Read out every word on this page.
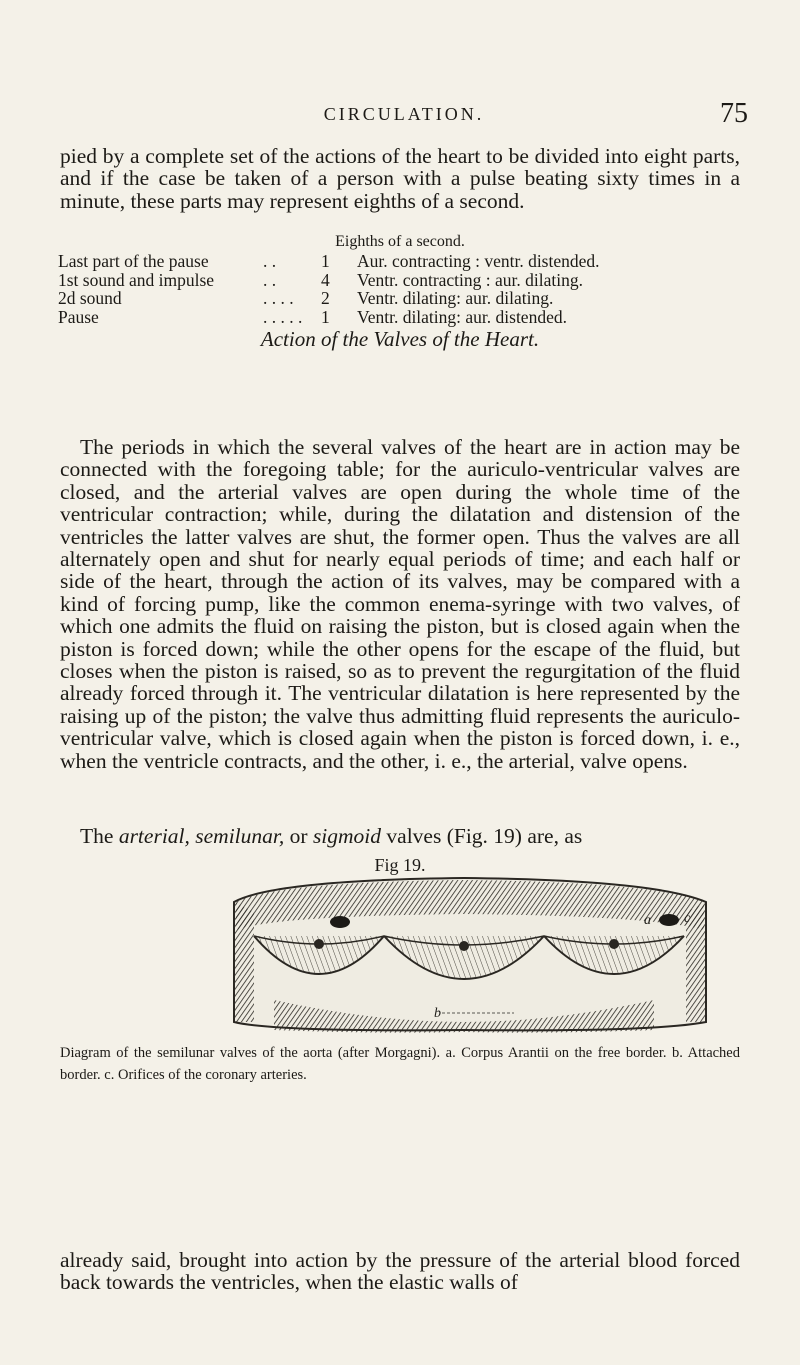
CIRCULATION.	75

pied by a complete set of the actions of the heart to be divided into eight parts, and if the case be taken of a person with a pulse beating sixty times in a minute, these parts may represent eighths of a second.

Eighths of a second.
Last part of the pause	. .	1	Aur. contracting : ventr. distended.
1st sound and impulse	. .	4	Ventr. contracting : aur. dilating.
2d sound	. . . .	2	Ventr. dilating: aur. dilating.
Pause	. . . . .	1	Ventr. dilating: aur. distended.
Action of the Valves of the Heart.

The periods in which the several valves of the heart are in action may be connected with the foregoing table; for the auriculo-ventricular valves are closed, and the arterial valves are open during the whole time of the ventricular contraction; while, during the dilatation and distension of the ventricles the latter valves are shut, the former open. Thus the valves are all alternately open and shut for nearly equal periods of time; and each half or side of the heart, through the action of its valves, may be compared with a kind of forcing pump, like the common enema-syringe with two valves, of which one admits the fluid on raising the piston, but is closed again when the piston is forced down; while the other opens for the escape of the fluid, but closes when the piston is raised, so as to prevent the regurgitation of the fluid already forced through it. The ventricular dilatation is here represented by the raising up of the piston; the valve thus admitting fluid represents the auriculo-ventricular valve, which is closed again when the piston is forced down, i. e., when the ventricle contracts, and the other, i. e., the arterial, valve opens.

The arterial, semilunar, or sigmoid valves (Fig. 19) are, as

Fig 19.
a c
b
Diagram of the semilunar valves of the aorta (after Morgagni). a. Corpus Arantii on the free border. b. Attached border. c. Orifices of the coronary arteries.

already said, brought into action by the pressure of the arterial blood forced back towards the ventricles, when the elastic walls of
